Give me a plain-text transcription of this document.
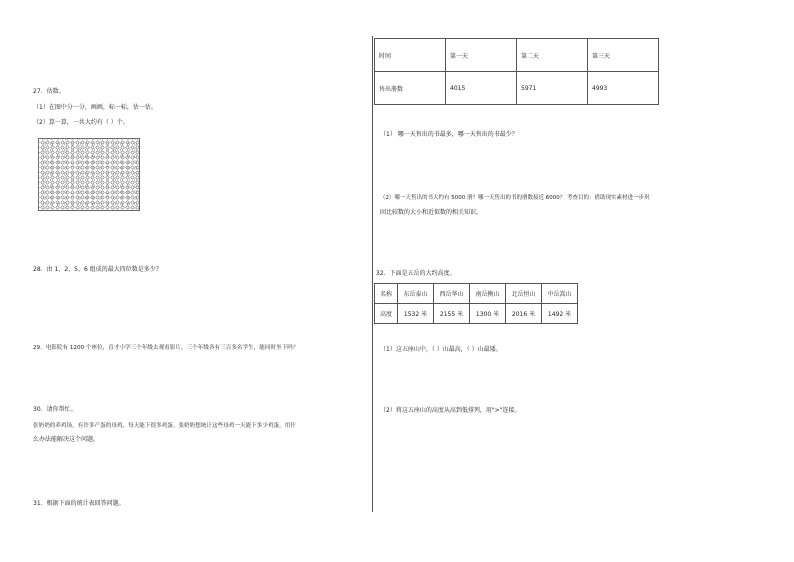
27．估数。
（1）在图中分一分，画画，标一标，估一估。
（2）算一算，一共大约有（ ）个。
28．由 1、2、5、6 组成的最大四位数是多少？
29．电影院有 1200 个座位，育才小学三个年级去观看影片，三个年级各有三百多名学生，能同时坐下吗？
30．请你帮忙。
张奶奶的养鸡场，有许多产蛋的母鸡，每天能下很多鸡蛋。张奶奶想统计这些母鸡一天能下多少鸡蛋。用什
么办法能解决这个问题。
31．根据下面的统计表回答问题。
时间	第一天	第二天	第三天
售出册数	4015	5971	4993
（1） 哪一天售出的书最多，哪一天售出的书最少？
（2）哪一天售出的书大约有 5000 册？哪一天售出的书的册数接近 6000？ 考查目的：借助现实素材进一步巩
固比较数的大小和近似数的相关知识。
32．下面是五岳的大约高度。
名称	东岳泰山	西岳华山	南岳衡山	北岳恒山	中岳嵩山
高度	1532 米	2155 米	1300 米	2016 米	1492 米
（1）这五座山中，（ ）山最高，（ ）山最矮。
（2）将这五座山的高度从高到低排列，用">"连接。
